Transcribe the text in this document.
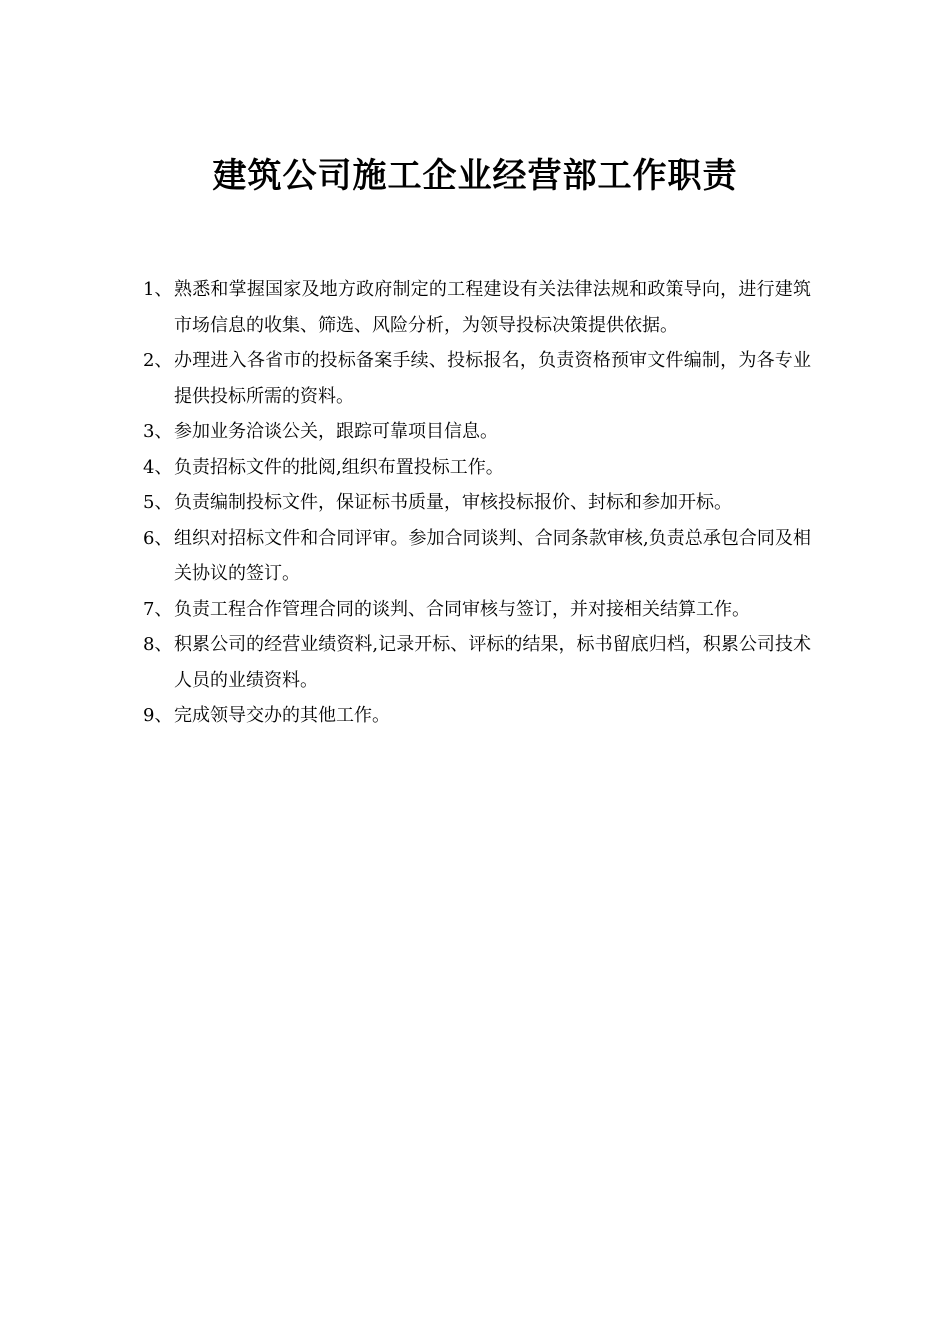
建筑公司施工企业经营部工作职责
1、 熟悉和掌握国家及地方政府制定的工程建设有关法律法规和政策导向，进行建筑市场信息的收集、筛选、风险分析，为领导投标决策提供依据。
2、 办理进入各省市的投标备案手续、投标报名，负责资格预审文件编制，为各专业提供投标所需的资料。
3、 参加业务洽谈公关，跟踪可靠项目信息。
4、 负责招标文件的批阅,组织布置投标工作。
5、 负责编制投标文件，保证标书质量，审核投标报价、封标和参加开标。
6、 组织对招标文件和合同评审。参加合同谈判、合同条款审核,负责总承包合同及相关协议的签订。
7、 负责工程合作管理合同的谈判、合同审核与签订，并对接相关结算工作。
8、 积累公司的经营业绩资料,记录开标、评标的结果，标书留底归档，积累公司技术人员的业绩资料。
9、 完成领导交办的其他工作。
